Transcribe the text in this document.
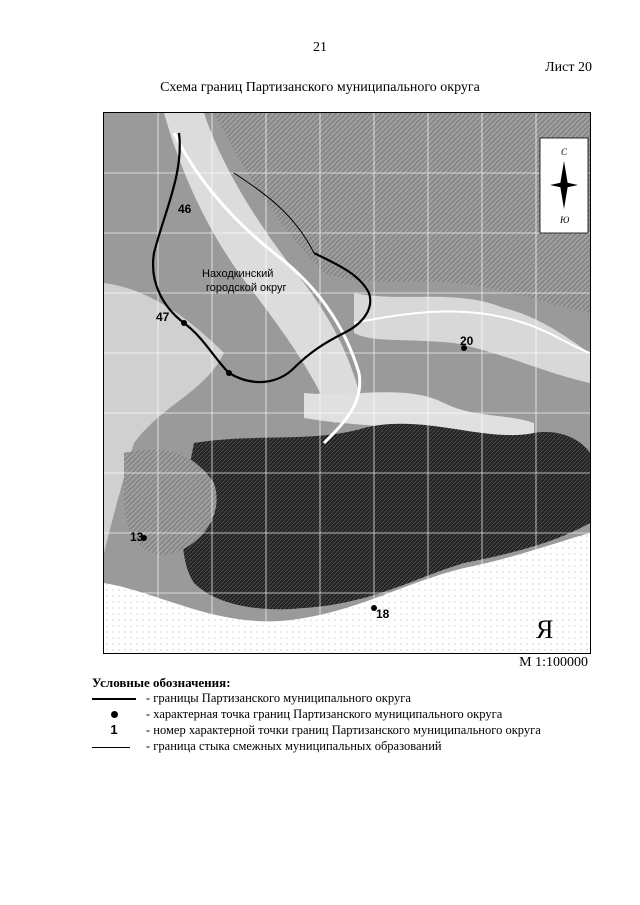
21
Лист 20
Схема границ Партизанского муниципального округа
46
47
20
18
13
Находкинский
городской округ
Я
С
Ю
М 1:100000
Условные обозначения:
- границы Партизанского муниципального округа
- характерная точка границ Партизанского муниципального округа
1	- номер характерной точки границ Партизанского муниципального округа
- граница стыка смежных муниципальных образований
